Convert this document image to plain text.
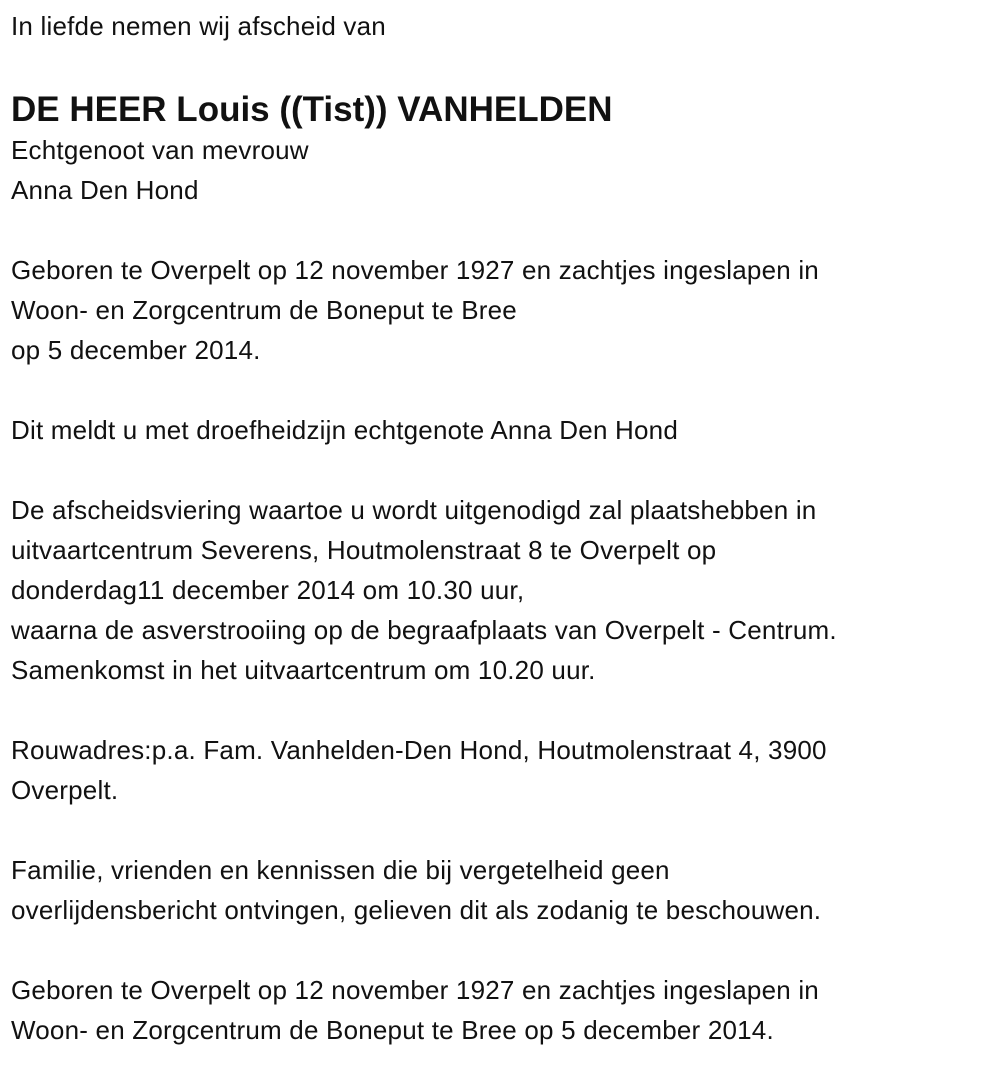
In liefde nemen wij afscheid van
DE HEER Louis ((Tist)) VANHELDEN
Echtgenoot van mevrouw
Anna Den Hond
Geboren te Overpelt op 12 november 1927 en zachtjes ingeslapen in
Woon- en Zorgcentrum de Boneput te Bree
op 5 december 2014.
Dit meldt u met droefheidzijn echtgenote Anna Den Hond
De afscheidsviering waartoe u wordt uitgenodigd zal plaatshebben in
uitvaartcentrum Severens, Houtmolenstraat 8 te Overpelt op
donderdag11 december 2014 om 10.30 uur,
waarna de asverstrooiing op de begraafplaats van Overpelt - Centrum.
Samenkomst in het uitvaartcentrum om 10.20 uur.
Rouwadres:p.a. Fam. Vanhelden-Den Hond, Houtmolenstraat 4, 3900
Overpelt.
Familie, vrienden en kennissen die bij vergetelheid geen
overlijdensbericht ontvingen, gelieven dit als zodanig te beschouwen.
Geboren te Overpelt op 12 november 1927 en zachtjes ingeslapen in
Woon- en Zorgcentrum de Boneput te Bree op 5 december 2014.
